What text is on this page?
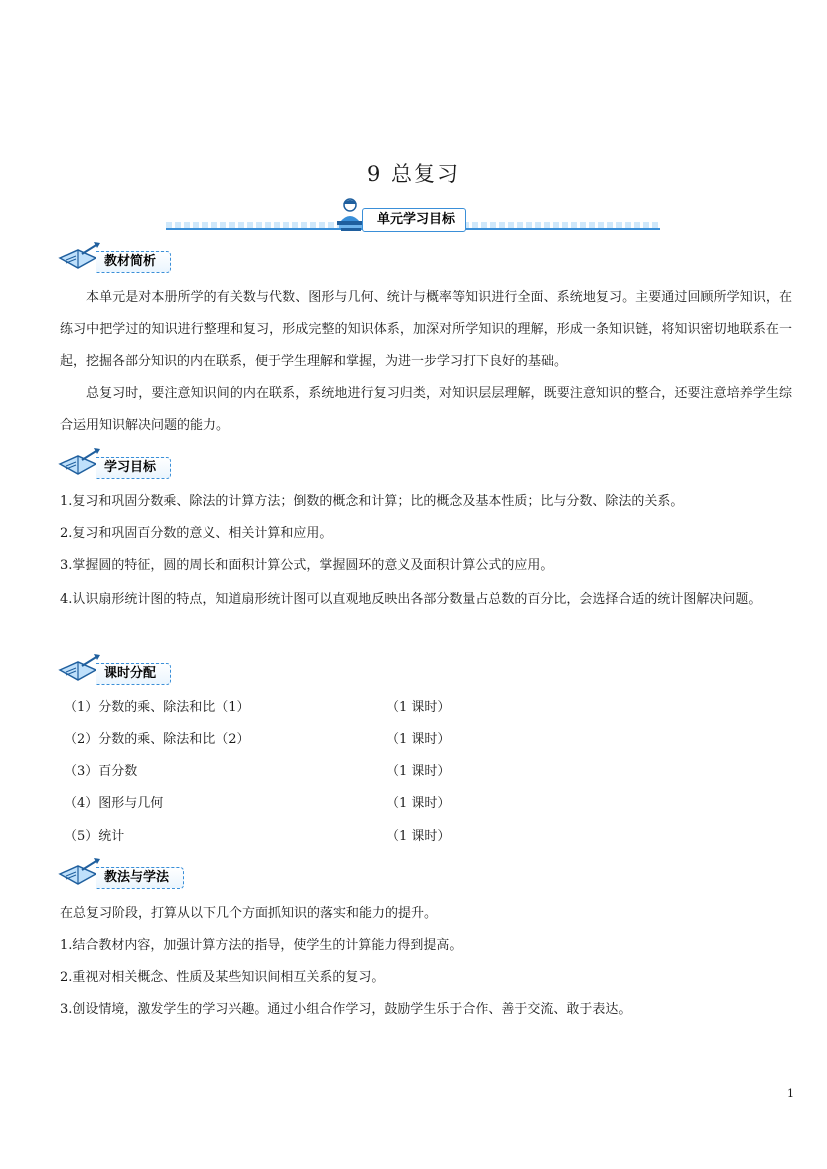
9 总复习
单元学习目标
教材简析
本单元是对本册所学的有关数与代数、图形与几何、统计与概率等知识进行全面、系统地复习。主要通过回顾所学知识，在练习中把学过的知识进行整理和复习，形成完整的知识体系，加深对所学知识的理解，形成一条知识链，将知识密切地联系在一起，挖掘各部分知识的内在联系，便于学生理解和掌握，为进一步学习打下良好的基础。
总复习时，要注意知识间的内在联系，系统地进行复习归类，对知识层层理解，既要注意知识的整合，还要注意培养学生综合运用知识解决问题的能力。
学习目标
1.复习和巩固分数乘、除法的计算方法；倒数的概念和计算；比的概念及基本性质；比与分数、除法的关系。
2.复习和巩固百分数的意义、相关计算和应用。
3.掌握圆的特征，圆的周长和面积计算公式，掌握圆环的意义及面积计算公式的应用。
4.认识扇形统计图的特点，知道扇形统计图可以直观地反映出各部分数量占总数的百分比，会选择合适的统计图解决问题。
课时分配
（1）分数的乘、除法和比（1）	（1 课时）
（2）分数的乘、除法和比（2）	（1 课时）
（3）百分数	（1 课时）
（4）图形与几何	（1 课时）
（5）统计	（1 课时）
教法与学法
在总复习阶段，打算从以下几个方面抓知识的落实和能力的提升。
1.结合教材内容，加强计算方法的指导，使学生的计算能力得到提高。
2.重视对相关概念、性质及某些知识间相互关系的复习。
3.创设情境，激发学生的学习兴趣。通过小组合作学习，鼓励学生乐于合作、善于交流、敢于表达。
1
